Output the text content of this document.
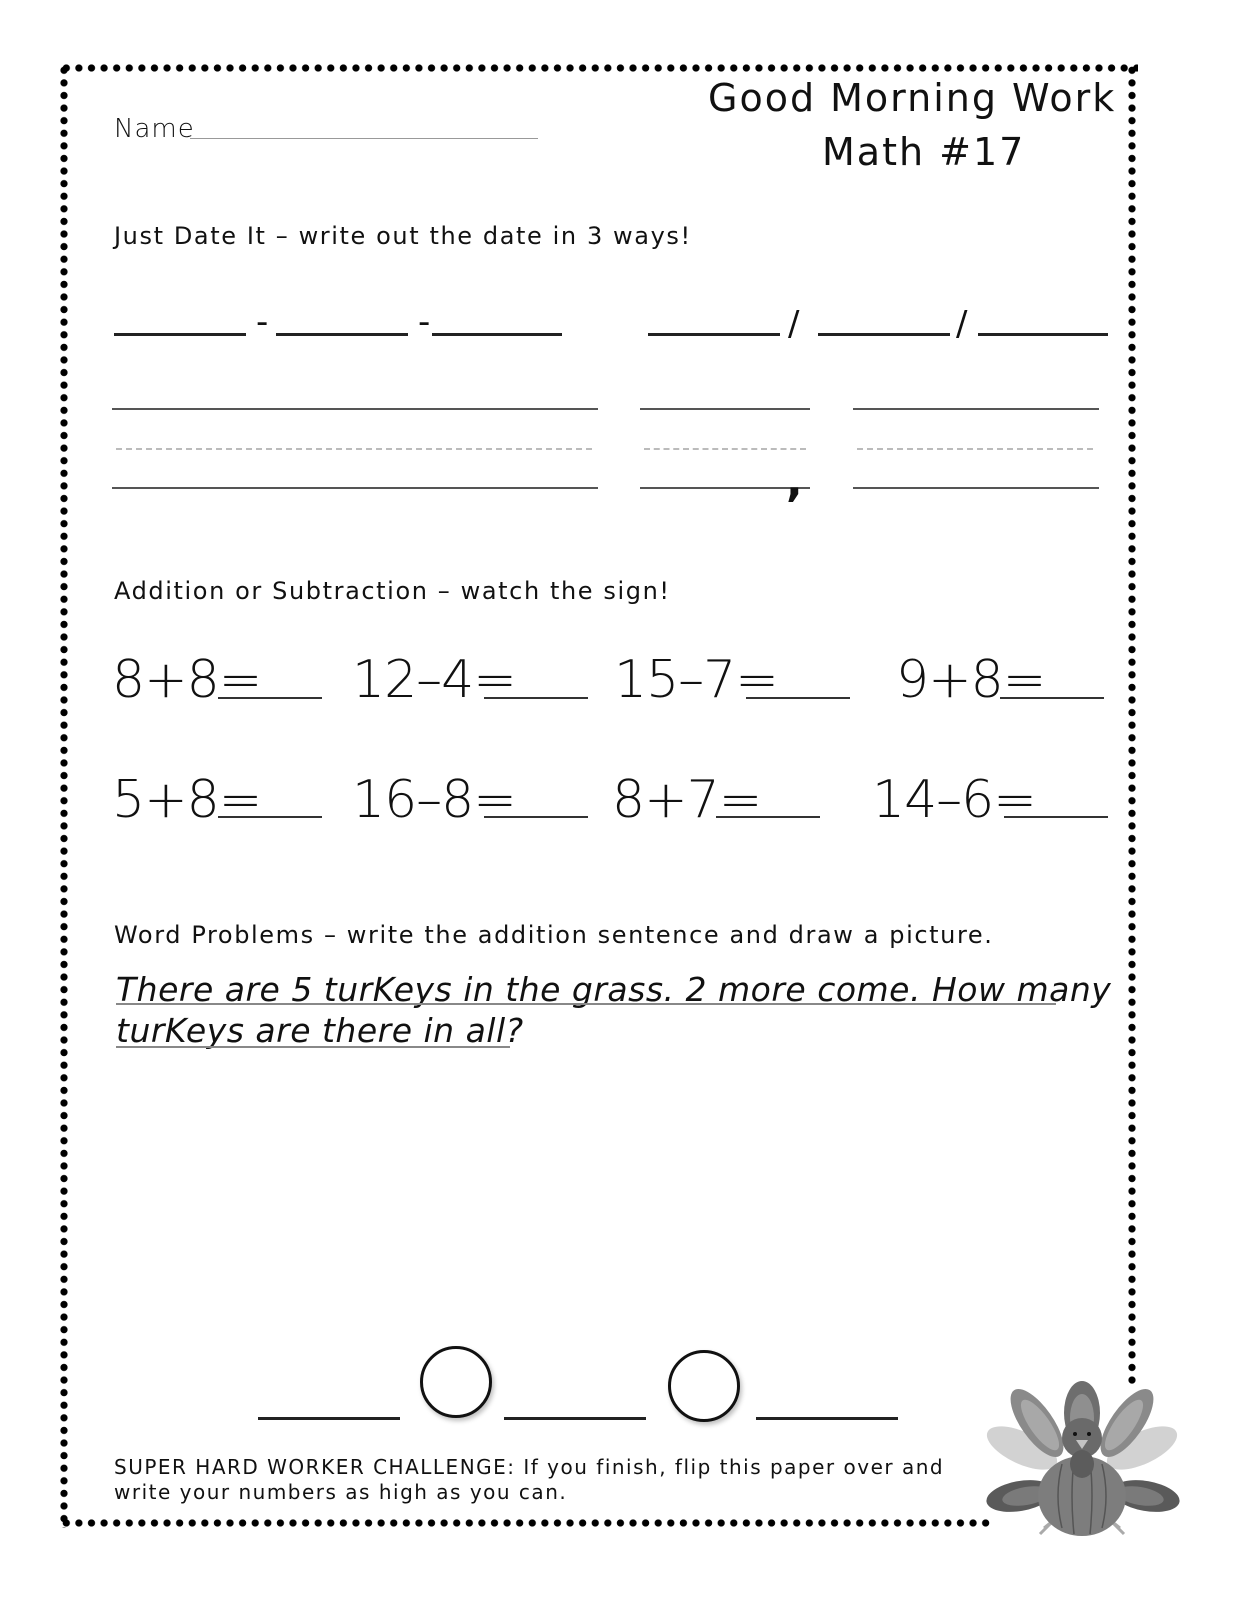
Good Morning Work
Math #17
Name
Just Date It – write out the date in 3 ways!
-	-	/	/
,
Addition or Subtraction – watch the sign!
8+8= 12–4= 15–7= 9+8=
5+8= 16–8= 8+7= 14–6=
Word Problems – write the addition sentence and draw a picture.
There are 5 turKeys in the grass. 2 more come. How many
turKeys are there in all?
SUPER HARD WORKER CHALLENGE: If you finish, flip this paper over and
write your numbers as high as you can.
